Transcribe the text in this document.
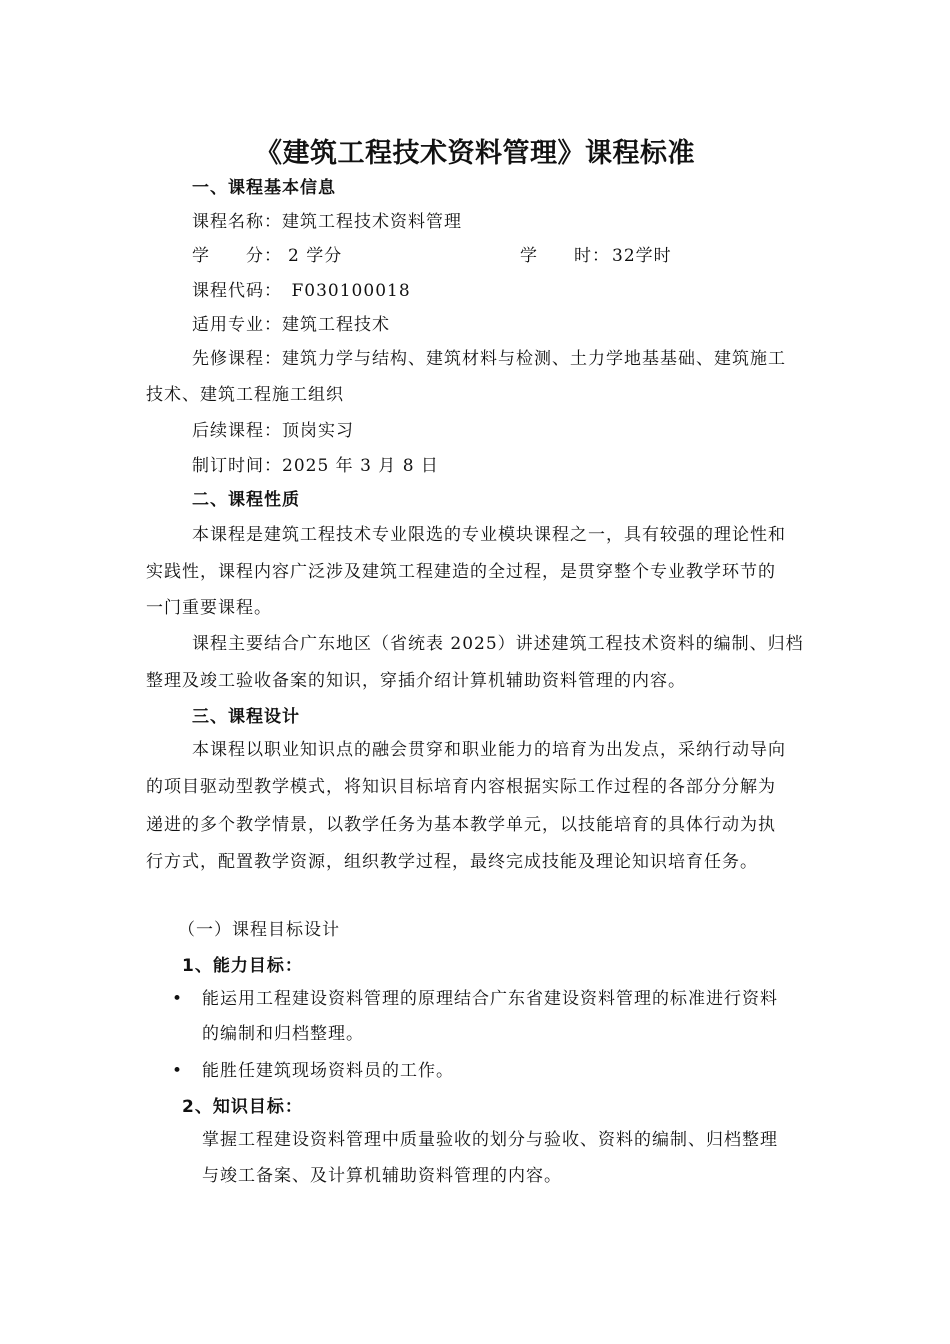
《建筑工程技术资料管理》课程标准
一、课程基本信息
课程名称：建筑工程技术资料管理
学　　分： 2 学分	学　　时： 32学时
课程代码：　F030100018
适用专业：建筑工程技术
先修课程：建筑力学与结构、建筑材料与检测、土力学地基基础、建筑施工
技术、建筑工程施工组织
后续课程：顶岗实习
制订时间：2025 年 3 月 8 日
二、课程性质
本课程是建筑工程技术专业限选的专业模块课程之一，具有较强的理论性和
实践性，课程内容广泛涉及建筑工程建造的全过程，是贯穿整个专业教学环节的
一门重要课程。
课程主要结合广东地区（省统表 2025）讲述建筑工程技术资料的编制、归档
整理及竣工验收备案的知识，穿插介绍计算机辅助资料管理的内容。
三、课程设计
本课程以职业知识点的融会贯穿和职业能力的培育为出发点，采纳行动导向
的项目驱动型教学模式，将知识目标培育内容根据实际工作过程的各部分分解为
递进的多个教学情景，以教学任务为基本教学单元，以技能培育的具体行动为执
行方式，配置教学资源，组织教学过程，最终完成技能及理论知识培育任务。
（一）课程目标设计
1、能力目标：
• 能运用工程建设资料管理的原理结合广东省建设资料管理的标准进行资料
的编制和归档整理。
• 能胜任建筑现场资料员的工作。
2、知识目标：
掌握工程建设资料管理中质量验收的划分与验收、资料的编制、归档整理
与竣工备案、及计算机辅助资料管理的内容。
